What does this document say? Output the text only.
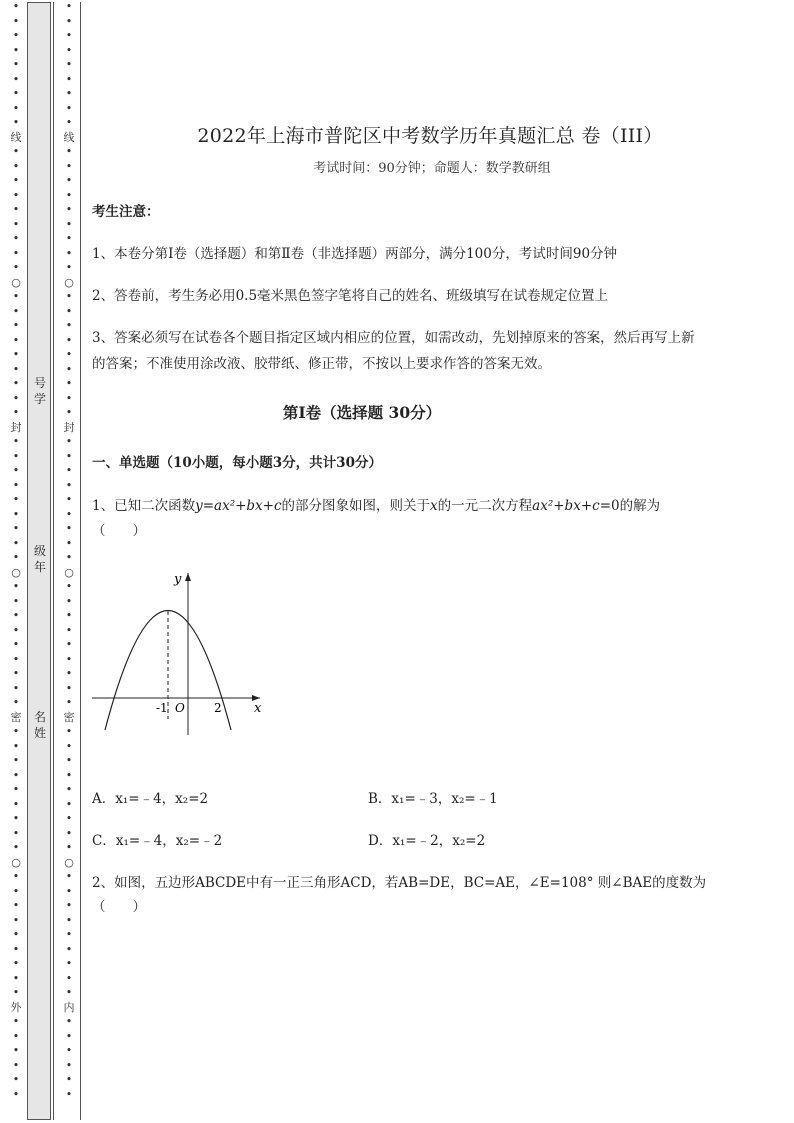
•
•
•
•
•
•
•
•
•
线
•
•
•
•
•
•
•
•
•
○
•
•
•
•
•
•
•
•
•
封
•
•
•
•
•
•
•
•
•
○
•
•
•
•
•
•
•
•
•
密
•
•
•
•
•
•
•
•
•
○
•
•
•
•
•
•
•
•
•
外
•
•
•
•
•
•
号
学
级
年
名
姓
•
•
•
•
•
•
•
•
•
线
•
•
•
•
•
•
•
•
•
○
•
•
•
•
•
•
•
•
•
封
•
•
•
•
•
•
•
•
•
○
•
•
•
•
•
•
•
•
•
密
•
•
•
•
•
•
•
•
•
○
•
•
•
•
•
•
•
•
•
内
•
•
•
•
•
•
2022年上海市普陀区中考数学历年真题汇总 卷（III）
考试时间：90分钟；命题人：数学教研组
考生注意：
1、本卷分第I卷（选择题）和第Ⅱ卷（非选择题）两部分，满分100分，考试时间90分钟
2、答卷前，考生务必用0.5毫米黑色签字笔将自己的姓名、班级填写在试卷规定位置上
3、答案必须写在试卷各个题目指定区域内相应的位置，如需改动，先划掉原来的答案，然后再写上新
的答案；不准使用涂改液、胶带纸、修正带，不按以上要求作答的答案无效。
第I卷（选择题 30分）
一、单选题（10小题，每小题3分，共计30分）
1、已知二次函数y=ax²+bx+c的部分图象如图，则关于x的一元二次方程ax²+bx+c=0的解为
（　　）
A．x₁=﹣4，x₂=2	B．x₁=﹣3，x₂=﹣1
C．x₁=﹣4，x₂=﹣2	D．x₁=﹣2，x₂=2
2、如图，五边形ABCDE中有一正三角形ACD，若AB=DE，BC=AE，∠E=108° 则∠BAE的度数为
（　　）
y
x
O
-1	2
